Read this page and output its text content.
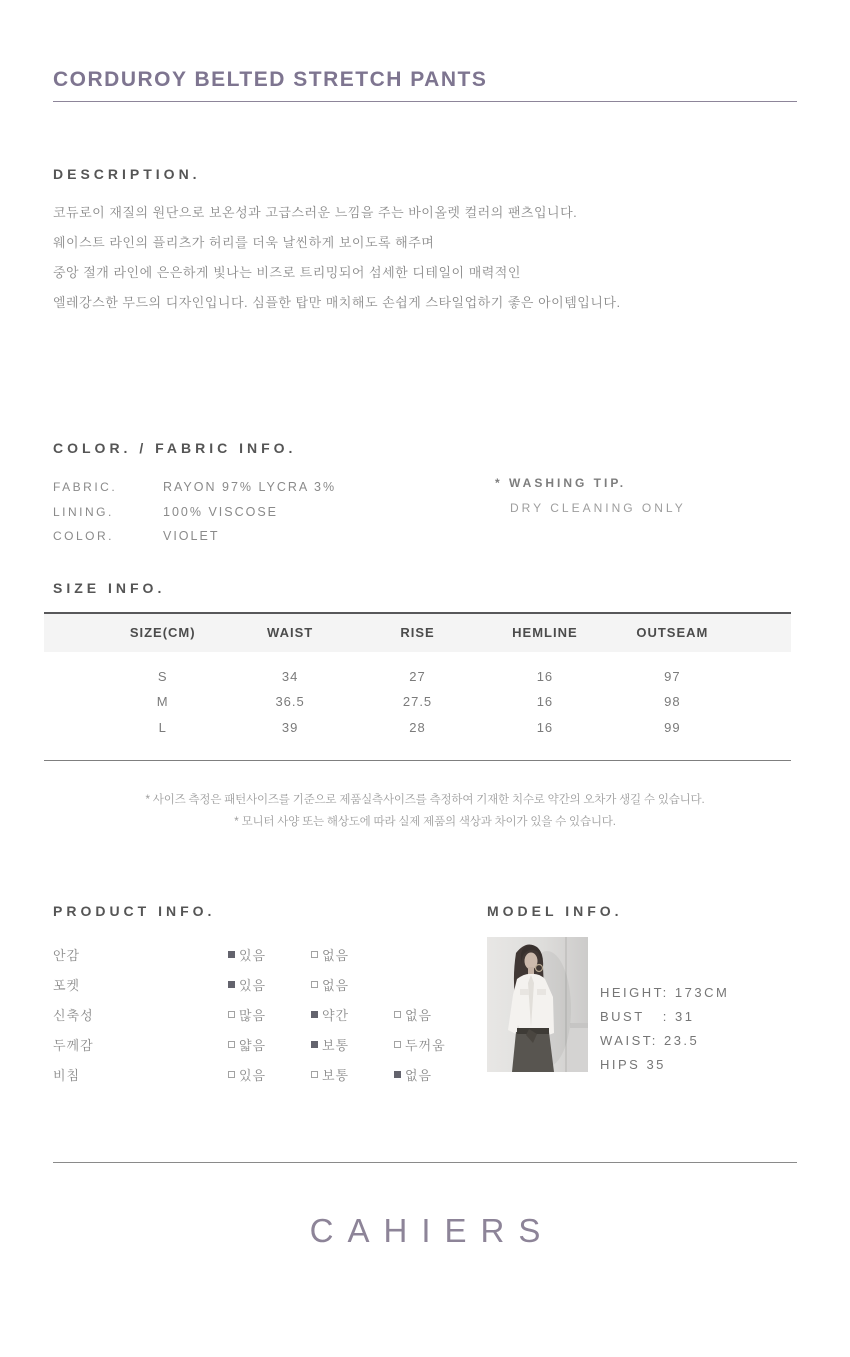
CORDUROY BELTED STRETCH PANTS
DESCRIPTION.
코듀로이 재질의 원단으로 보온성과 고급스러운 느낌을 주는 바이올렛 컬러의 팬츠입니다.
웨이스트 라인의 플리츠가 허리를 더욱 날씬하게 보이도록 해주며
중앙 절개 라인에 은은하게 빛나는 비즈로 트리밍되어 섬세한 디테일이 매력적인
엘레강스한 무드의 디자인입니다. 심플한 탑만 매치해도 손쉽게 스타일업하기 좋은 아이템입니다.
COLOR. / FABRIC INFO.
FABRIC.	RAYON 97% LYCRA 3%
LINING.	100% VISCOSE
COLOR.	VIOLET
* WASHING TIP.
DRY CLEANING ONLY
SIZE INFO.
SIZE(CM)	WAIST	RISE	HEMLINE	OUTSEAM
S	34	27	16	97
M	36.5	27.5	16	98
L	39	28	16	99
* 사이즈 측정은 패턴사이즈를 기준으로 제품실측사이즈를 측정하여 기재한 치수로 약간의 오차가 생길 수 있습니다.
* 모니터 사양 또는 해상도에 따라 실제 제품의 색상과 차이가 있을 수 있습니다.
PRODUCT INFO.
안감	있음	없음
포켓	있음	없음
신축성	많음	약간	없음
두께감	얇음	보통	두꺼움
비침	있음	보통	없음
MODEL INFO.
HEIGHT: 173CM
BUST   : 31
WAIST: 23.5
HIPS 35
CAHIERS
